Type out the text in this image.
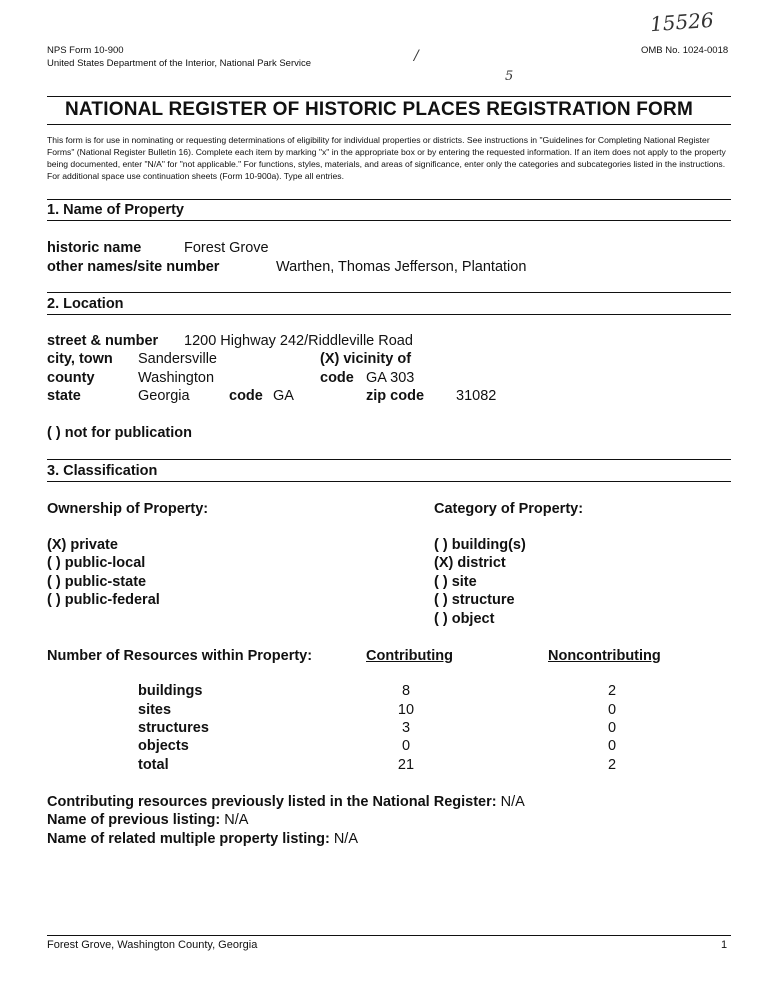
NPS Form 10-900
United States Department of the Interior, National Park Service
OMB No. 1024-0018
15526
/
5
NATIONAL REGISTER OF HISTORIC PLACES REGISTRATION FORM
This form is for use in nominating or requesting determinations of eligibility for individual properties or districts. See instructions in "Guidelines for Completing National Register Forms" (National Register Bulletin 16). Complete each item by marking "x" in the appropriate box or by entering the requested information. If an item does not apply to the property being documented, enter "N/A" for "not applicable." For functions, styles, materials, and areas of significance, enter only the categories and subcategories listed in the instructions. For additional space use continuation sheets (Form 10-900a). Type all entries.
1. Name of Property
historic name	Forest Grove
other names/site number	Warthen, Thomas Jefferson, Plantation
2. Location
street & number 1200 Highway 242/Riddleville Road
city, town Sandersville	(X) vicinity of
county	Washington	code GA 303
state	Georgia	code GA	zip code 31082
( ) not for publication
3. Classification
Ownership of Property:	Category of Property:
(X) private
( ) public-local
( ) public-state
( ) public-federal
( ) building(s)
(X) district
( ) site
( ) structure
( ) object
Number of Resources within Property:	Contributing	Noncontributing
buildings	8	2
sites	10	0
structures	3	0
objects	0	0
total	21	2
Contributing resources previously listed in the National Register: N/A
Name of previous listing: N/A
Name of related multiple property listing: N/A
Forest Grove, Washington County, Georgia	1
